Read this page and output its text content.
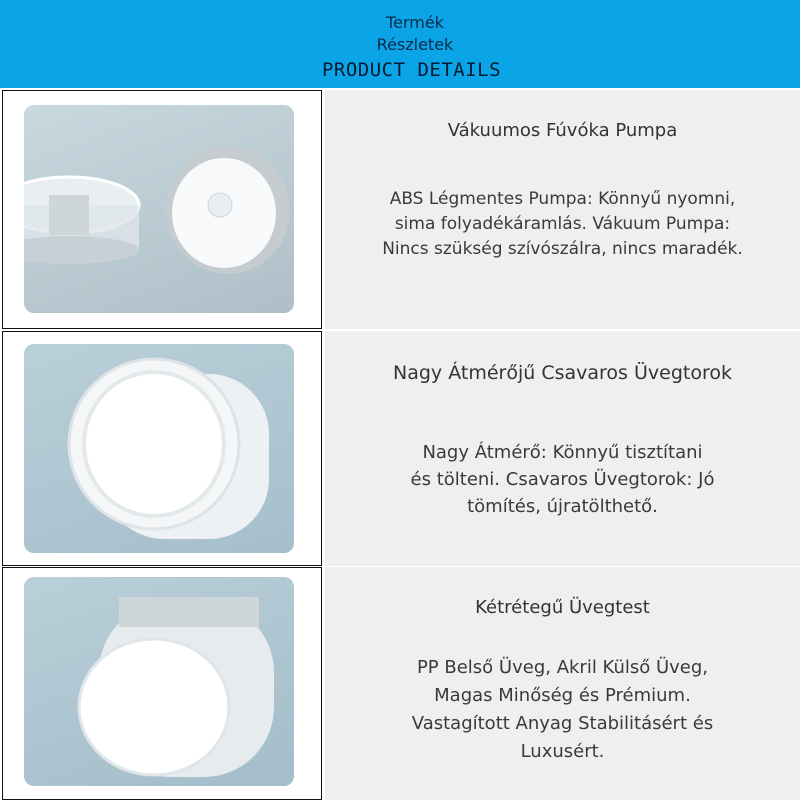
Termék
Részletek
PRODUCT DETAILS
Vákuumos Fúvóka Pumpa
ABS Légmentes Pumpa: Könnyű nyomni,
sima folyadékáramlás. Vákuum Pumpa:
Nincs szükség szívószálra, nincs maradék.
Nagy Átmérőjű Csavaros Üvegtorok
Nagy Átmérő: Könnyű tisztítani
és tölteni. Csavaros Üvegtorok: Jó
tömítés, újratölthető.
Kétrétegű Üvegtest
PP Belső Üveg, Akril Külső Üveg,
Magas Minőség és Prémium.
Vastagított Anyag Stabilitásért és
Luxusért.
